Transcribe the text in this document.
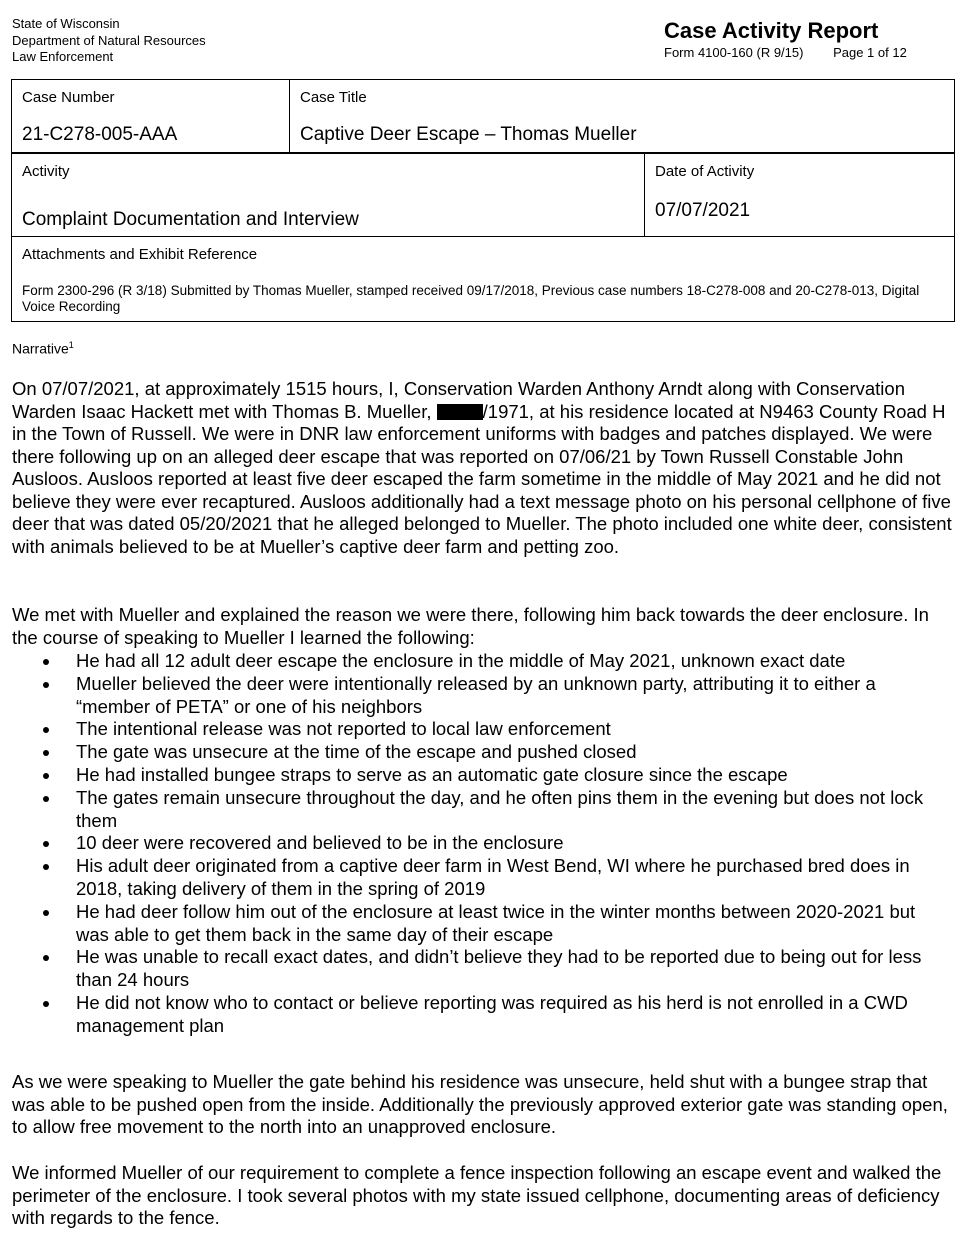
State of Wisconsin
Department of Natural Resources
Law Enforcement
Case Activity Report
Form 4100-160 (R 9/15) Page 1 of 12
Case Number
21-C278-005-AAA
Case Title
Captive Deer Escape – Thomas Mueller
Activity
Complaint Documentation and Interview
Date of Activity
07/07/2021
Attachments and Exhibit Reference
Form 2300-296 (R 3/18) Submitted by Thomas Mueller, stamped received 09/17/2018, Previous case numbers 18-C278-008 and 20-C278-013, Digital Voice Recording
Narrative$^1$
On 07/07/2021, at approximately 1515 hours, I, Conservation Warden Anthony Arndt along with Conservation Warden Isaac Hackett met with Thomas B. Mueller, /1971, at his residence located at N9463 County Road H in the Town of Russell. We were in DNR law enforcement uniforms with badges and patches displayed. We were there following up on an alleged deer escape that was reported on 07/06/21 by Town Russell Constable John Ausloos. Ausloos reported at least five deer escaped the farm sometime in the middle of May 2021 and he did not believe they were ever recaptured. Ausloos additionally had a text message photo on his personal cellphone of five deer that was dated 05/20/2021 that he alleged belonged to Mueller. The photo included one white deer, consistent with animals believed to be at Mueller’s captive deer farm and petting zoo.
We met with Mueller and explained the reason we were there, following him back towards the deer enclosure. In the course of speaking to Mueller I learned the following:
He had all 12 adult deer escape the enclosure in the middle of May 2021, unknown exact date
Mueller believed the deer were intentionally released by an unknown party, attributing it to either a “member of PETA” or one of his neighbors
The intentional release was not reported to local law enforcement
The gate was unsecure at the time of the escape and pushed closed
He had installed bungee straps to serve as an automatic gate closure since the escape
The gates remain unsecure throughout the day, and he often pins them in the evening but does not lock them
10 deer were recovered and believed to be in the enclosure
His adult deer originated from a captive deer farm in West Bend, WI where he purchased bred does in 2018, taking delivery of them in the spring of 2019
He had deer follow him out of the enclosure at least twice in the winter months between 2020-2021 but was able to get them back in the same day of their escape
He was unable to recall exact dates, and didn’t believe they had to be reported due to being out for less than 24 hours
He did not know who to contact or believe reporting was required as his herd is not enrolled in a CWD management plan
As we were speaking to Mueller the gate behind his residence was unsecure, held shut with a bungee strap that was able to be pushed open from the inside. Additionally the previously approved exterior gate was standing open, to allow free movement to the north into an unapproved enclosure.
We informed Mueller of our requirement to complete a fence inspection following an escape event and walked the perimeter of the enclosure. I took several photos with my state issued cellphone, documenting areas of deficiency with regards to the fence.
